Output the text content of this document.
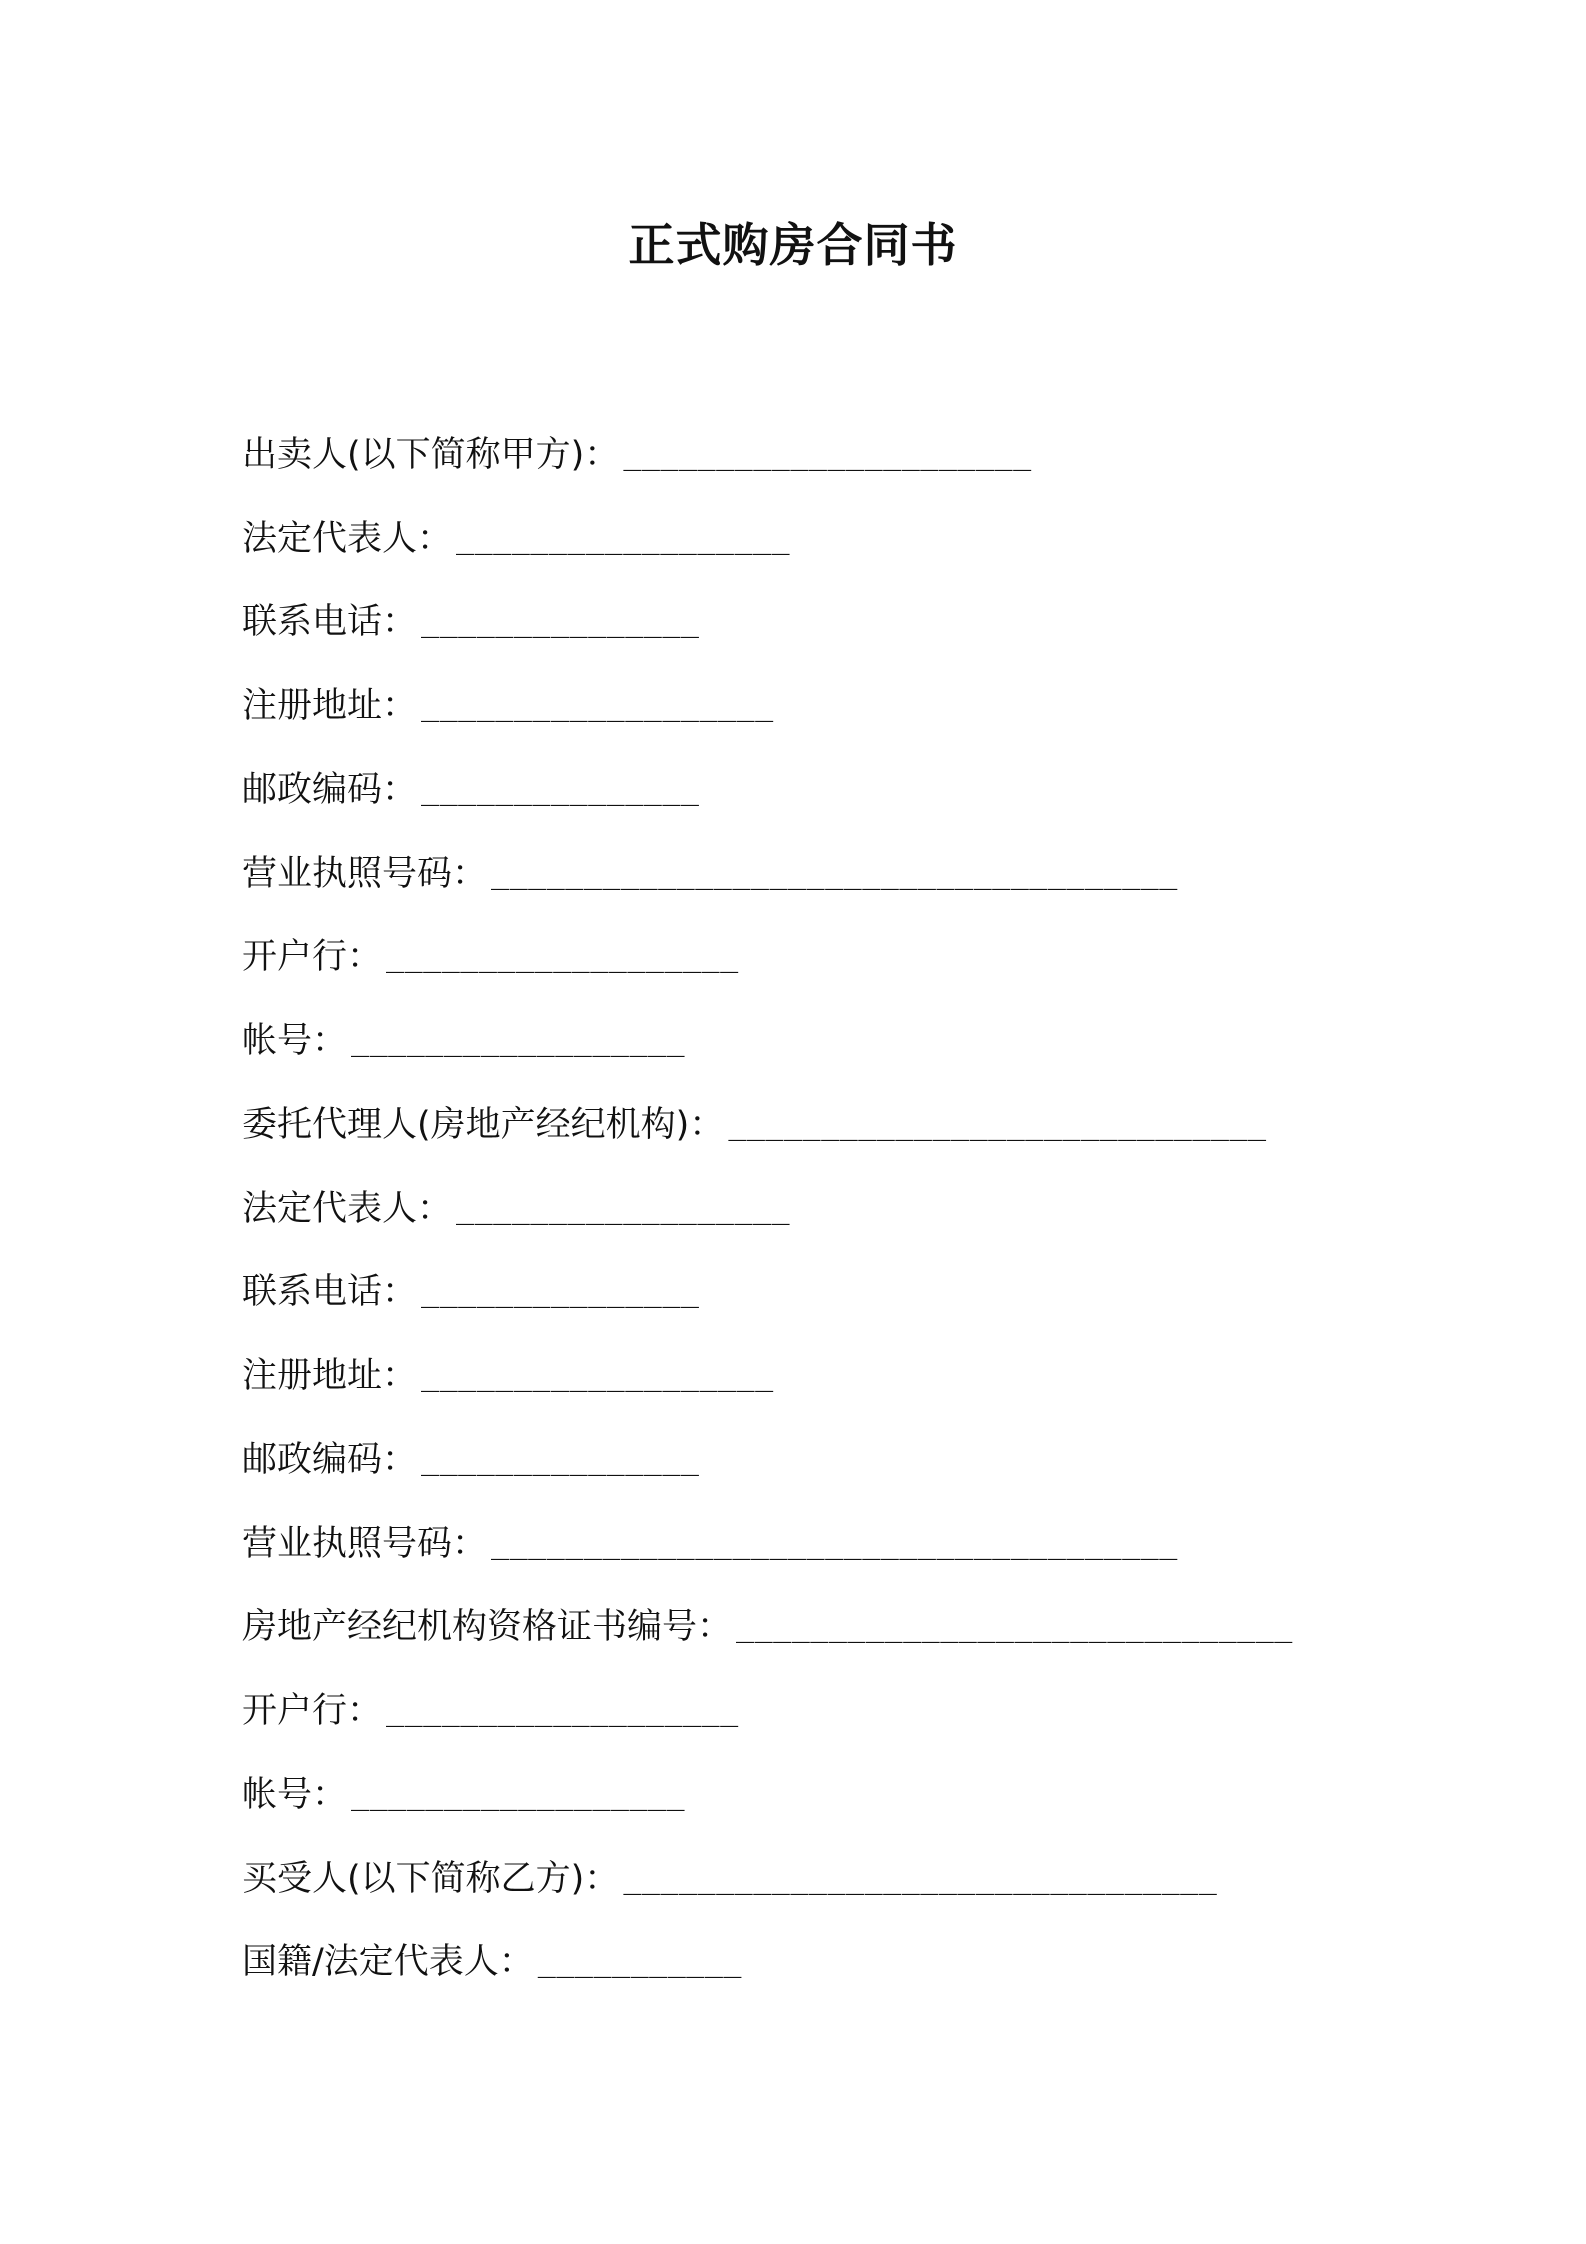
正式购房合同书
出卖人(以下简称甲方)： ______________________
法定代表人： __________________
联系电话： _______________
注册地址： ___________________
邮政编码： _______________
营业执照号码： _____________________________________
开户行： ___________________
帐号： __________________
委托代理人(房地产经纪机构)： _____________________________
法定代表人： __________________
联系电话： _______________
注册地址： ___________________
邮政编码： _______________
营业执照号码： _____________________________________
房地产经纪机构资格证书编号： ______________________________
开户行： ___________________
帐号： __________________
买受人(以下简称乙方)： ________________________________
国籍/法定代表人： ___________
